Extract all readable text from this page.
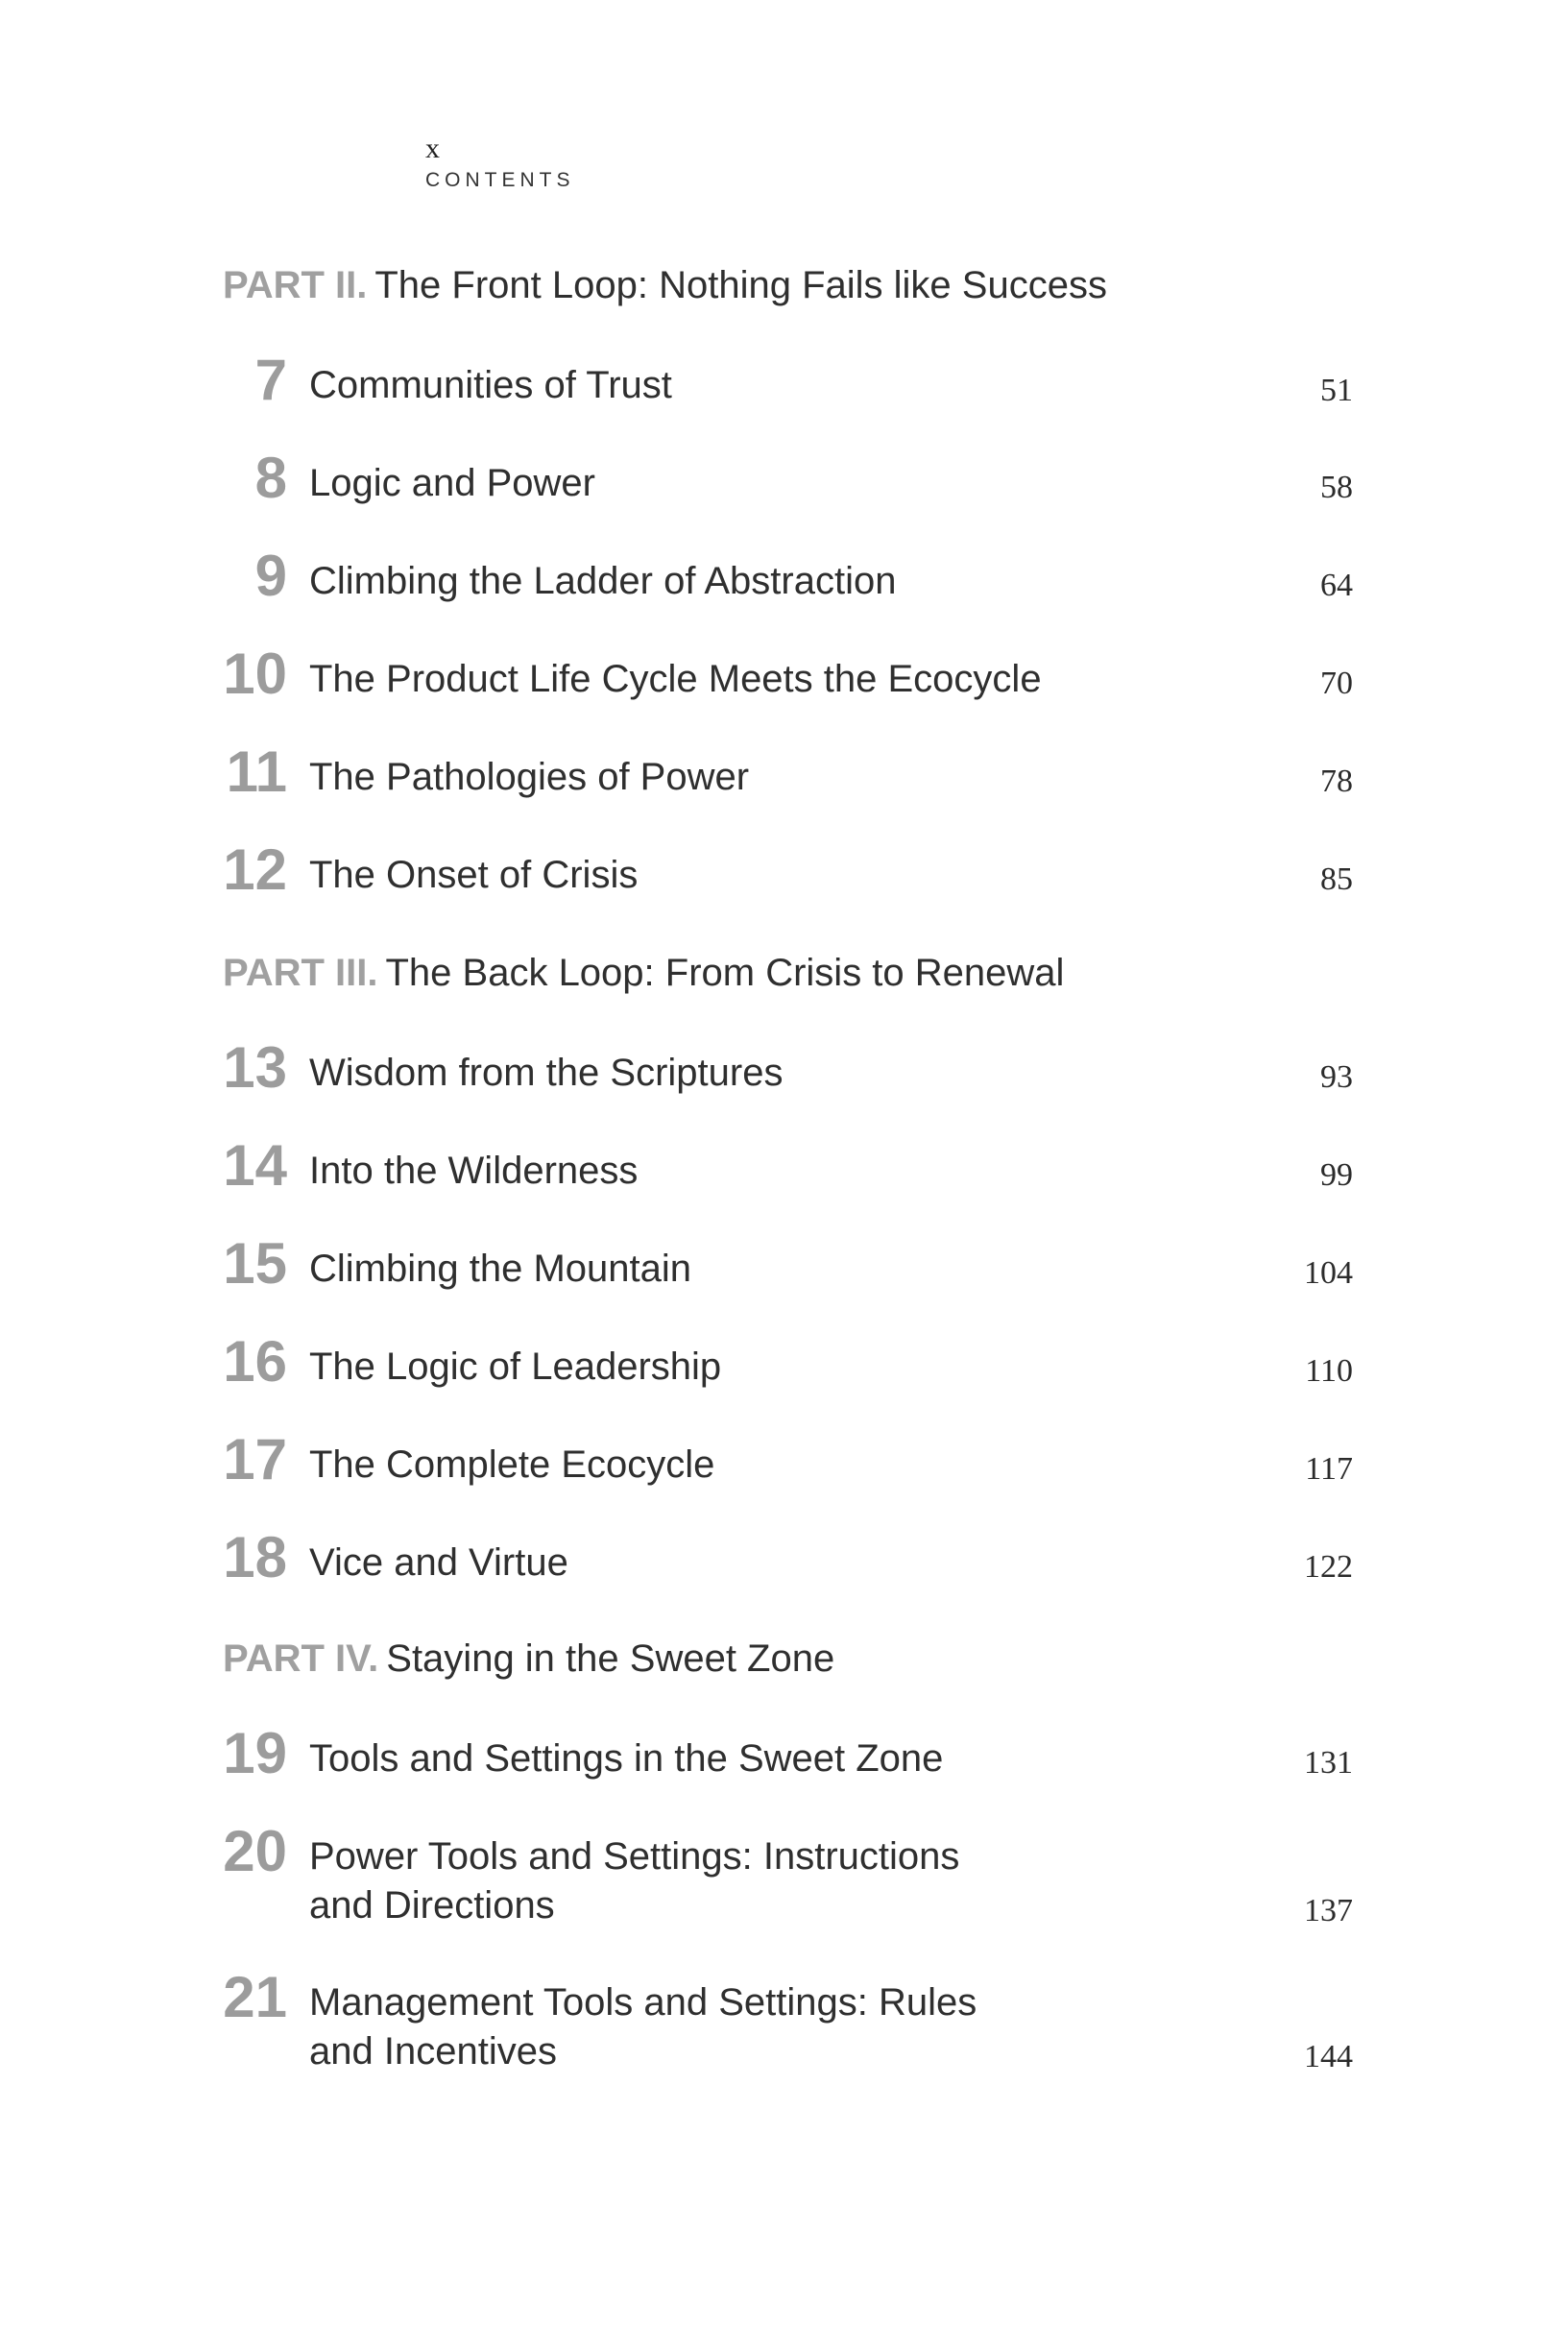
x
CONTENTS
PART II. The Front Loop: Nothing Fails like Success
7 Communities of Trust	51
8 Logic and Power	58
9 Climbing the Ladder of Abstraction	64
10 The Product Life Cycle Meets the Ecocycle	70
11 The Pathologies of Power	78
12 The Onset of Crisis	85
PART III. The Back Loop: From Crisis to Renewal
13 Wisdom from the Scriptures	93
14 Into the Wilderness	99
15 Climbing the Mountain	104
16 The Logic of Leadership	110
17 The Complete Ecocycle	117
18 Vice and Virtue	122
PART IV. Staying in the Sweet Zone
19 Tools and Settings in the Sweet Zone	131
20 Power Tools and Settings: Instructions
and Directions	137
21 Management Tools and Settings: Rules
and Incentives	144
